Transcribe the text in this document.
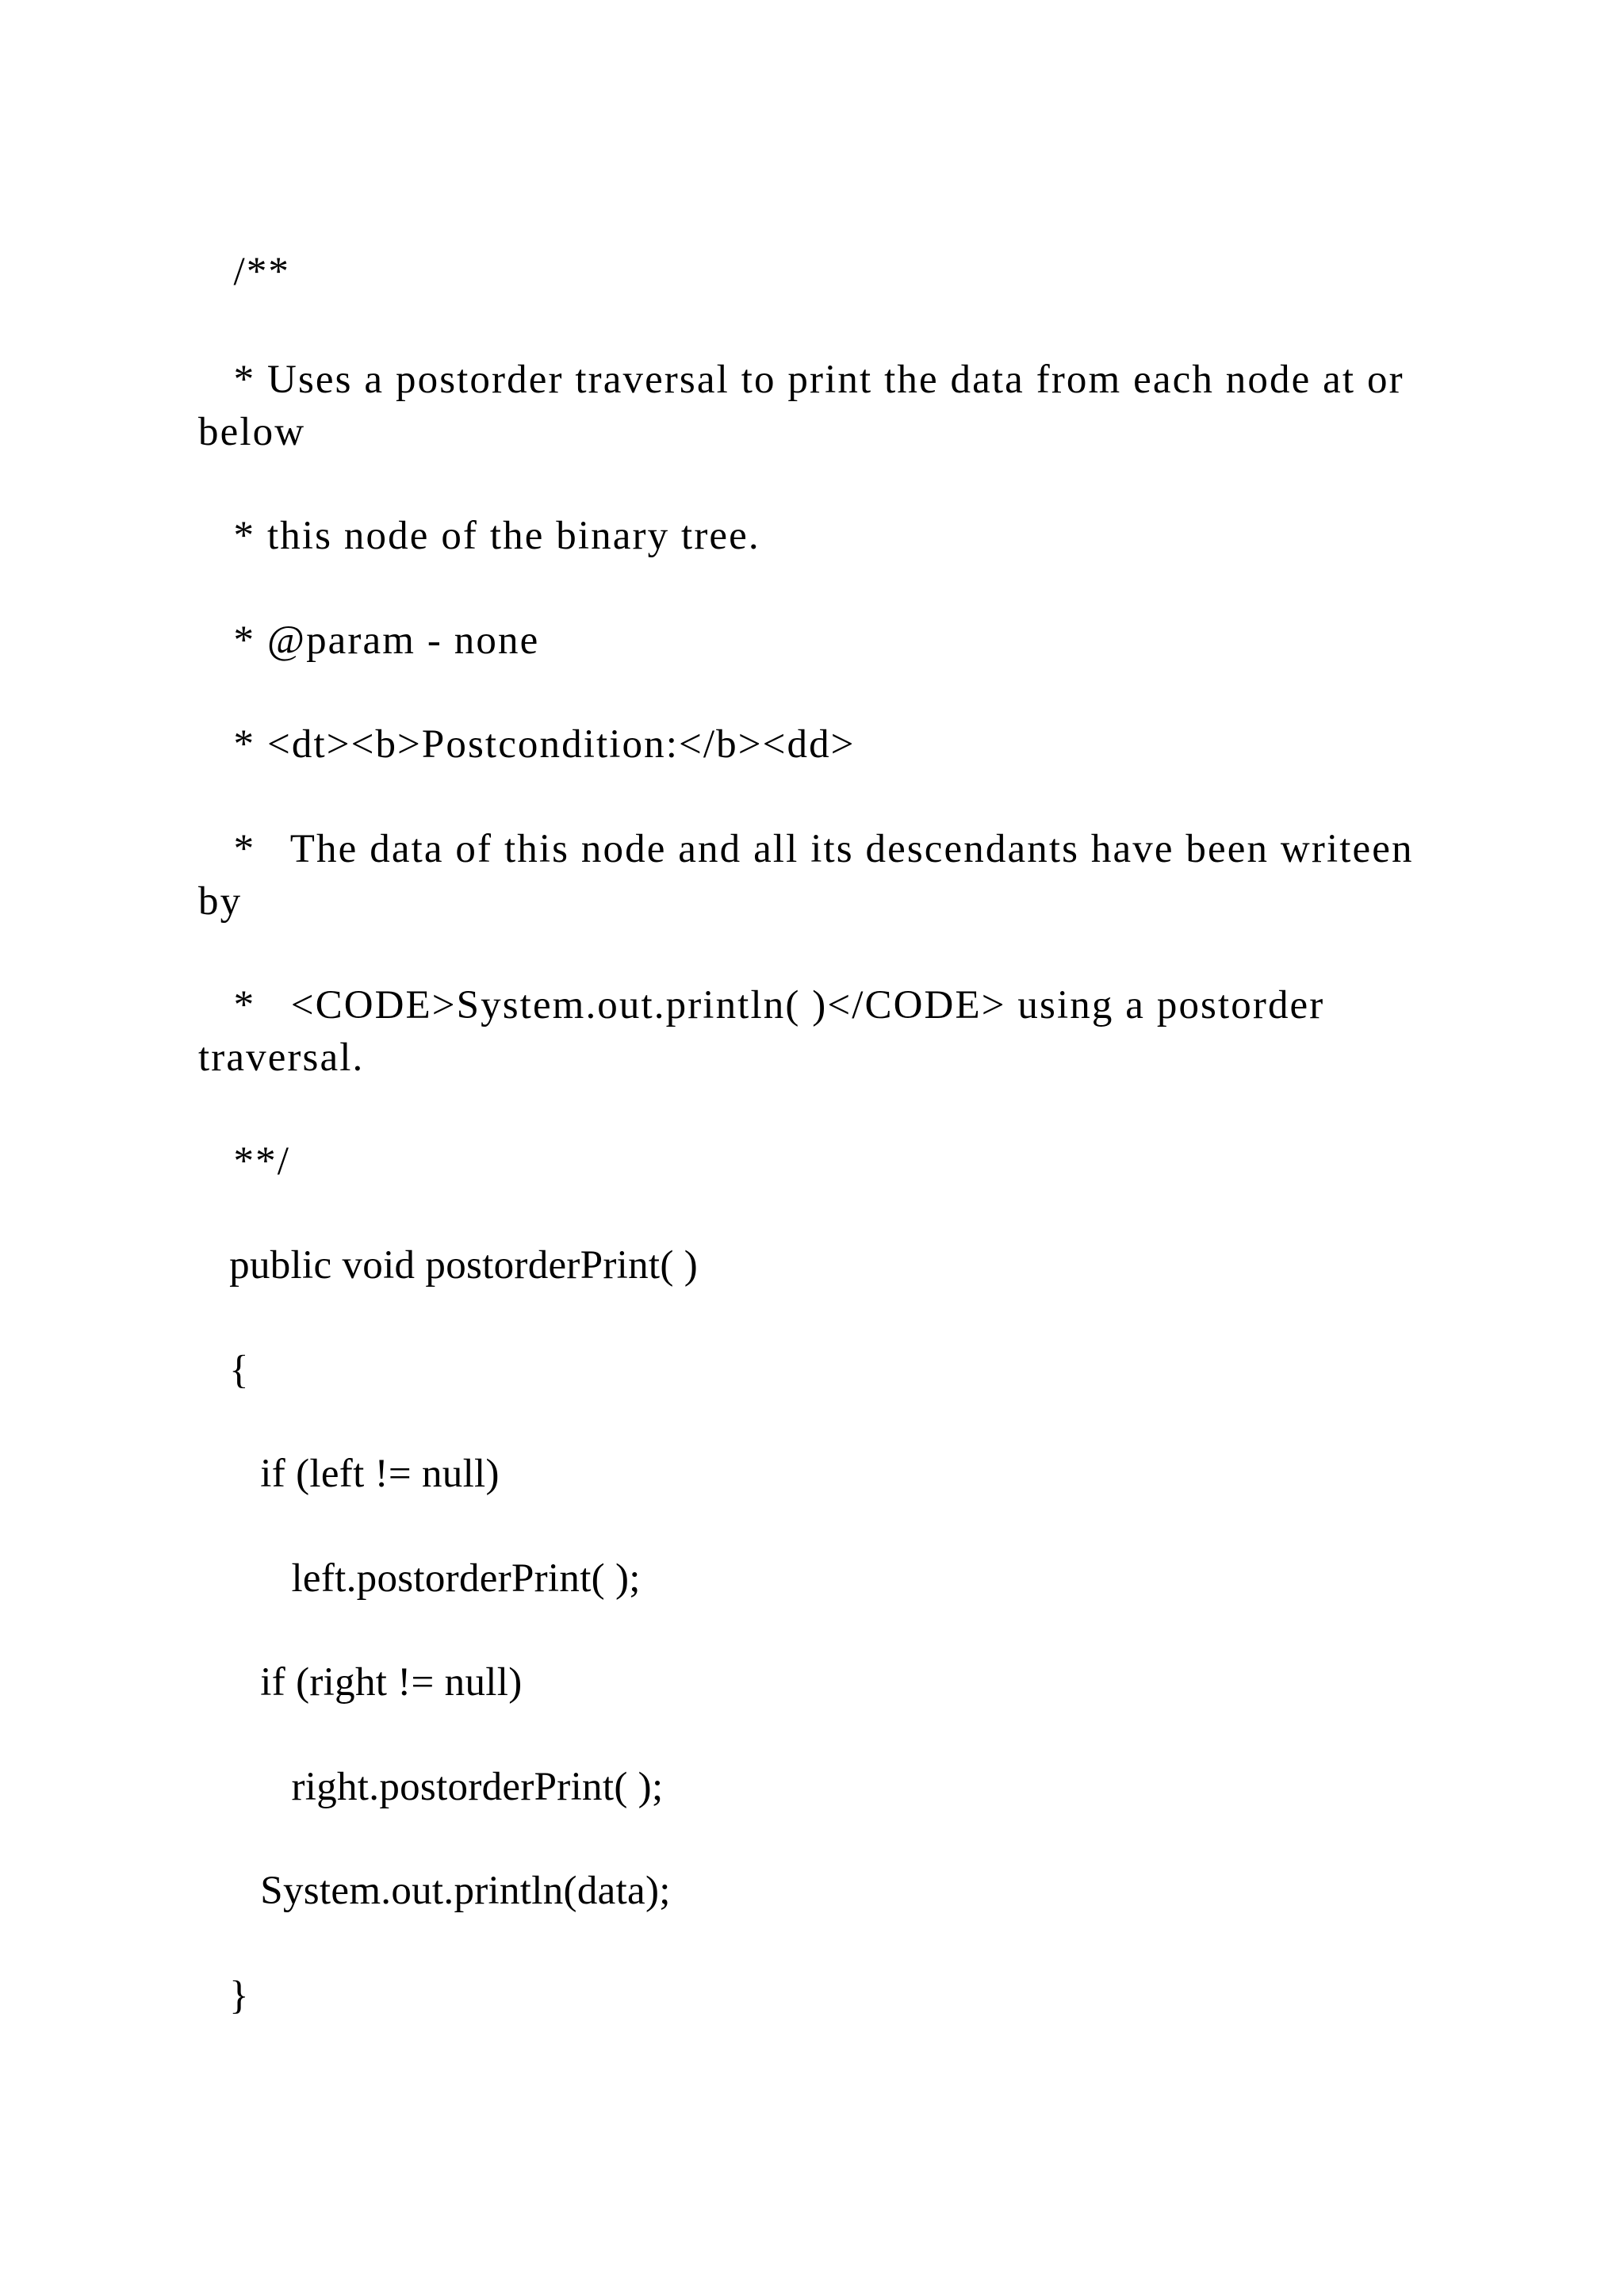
/**

* Uses a postorder traversal to print the data from each node at or below

* this node of the binary tree.

* @param - none

* <dt><b>Postcondition:</b><dd>

*   The data of this node and all its descendants have been writeen by

*   <CODE>System.out.println( )</CODE> using a postorder traversal.

**/

public void postorderPrint( )

{

if (left != null)

left.postorderPrint( );

if (right != null)

right.postorderPrint( );

System.out.println(data);

}
